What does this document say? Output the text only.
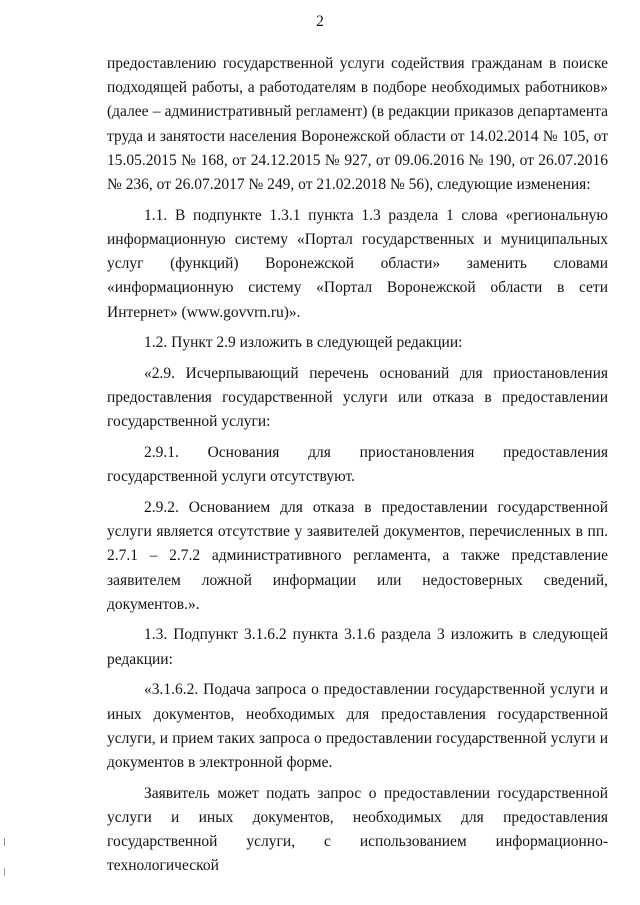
2

предоставлению государственной услуги содействия гражданам в поиске подходящей работы, а работодателям в подборе необходимых работников» (далее – административный регламент) (в редакции приказов департамента труда и занятости населения Воронежской области от 14.02.2014 № 105, от 15.05.2015 № 168, от 24.12.2015 № 927, от 09.06.2016 № 190, от 26.07.2016 № 236, от 26.07.2017 № 249, от 21.02.2018 № 56), следующие изменения:

1.1. В подпункте 1.3.1 пункта 1.3 раздела 1 слова «региональную информационную систему «Портал государственных и муниципальных услуг (функций) Воронежской области» заменить словами «информационную систему «Портал Воронежской области в сети Интернет» (www.govvrn.ru)».

1.2. Пункт 2.9 изложить в следующей редакции:

«2.9. Исчерпывающий перечень оснований для приостановления предоставления государственной услуги или отказа в предоставлении государственной услуги:

2.9.1. Основания для приостановления предоставления государственной услуги отсутствуют.

2.9.2. Основанием для отказа в предоставлении государственной услуги является отсутствие у заявителей документов, перечисленных в пп. 2.7.1 – 2.7.2 административного регламента, а также представление заявителем ложной информации или недостоверных сведений, документов.».

1.3. Подпункт 3.1.6.2 пункта 3.1.6 раздела 3 изложить в следующей редакции:

«3.1.6.2. Подача запроса о предоставлении государственной услуги и иных документов, необходимых для предоставления государственной услуги, и прием таких запроса о предоставлении государственной услуги и документов в электронной форме.

Заявитель может подать запрос о предоставлении государственной услуги и иных документов, необходимых для предоставления государственной услуги, с использованием информационно-технологической
